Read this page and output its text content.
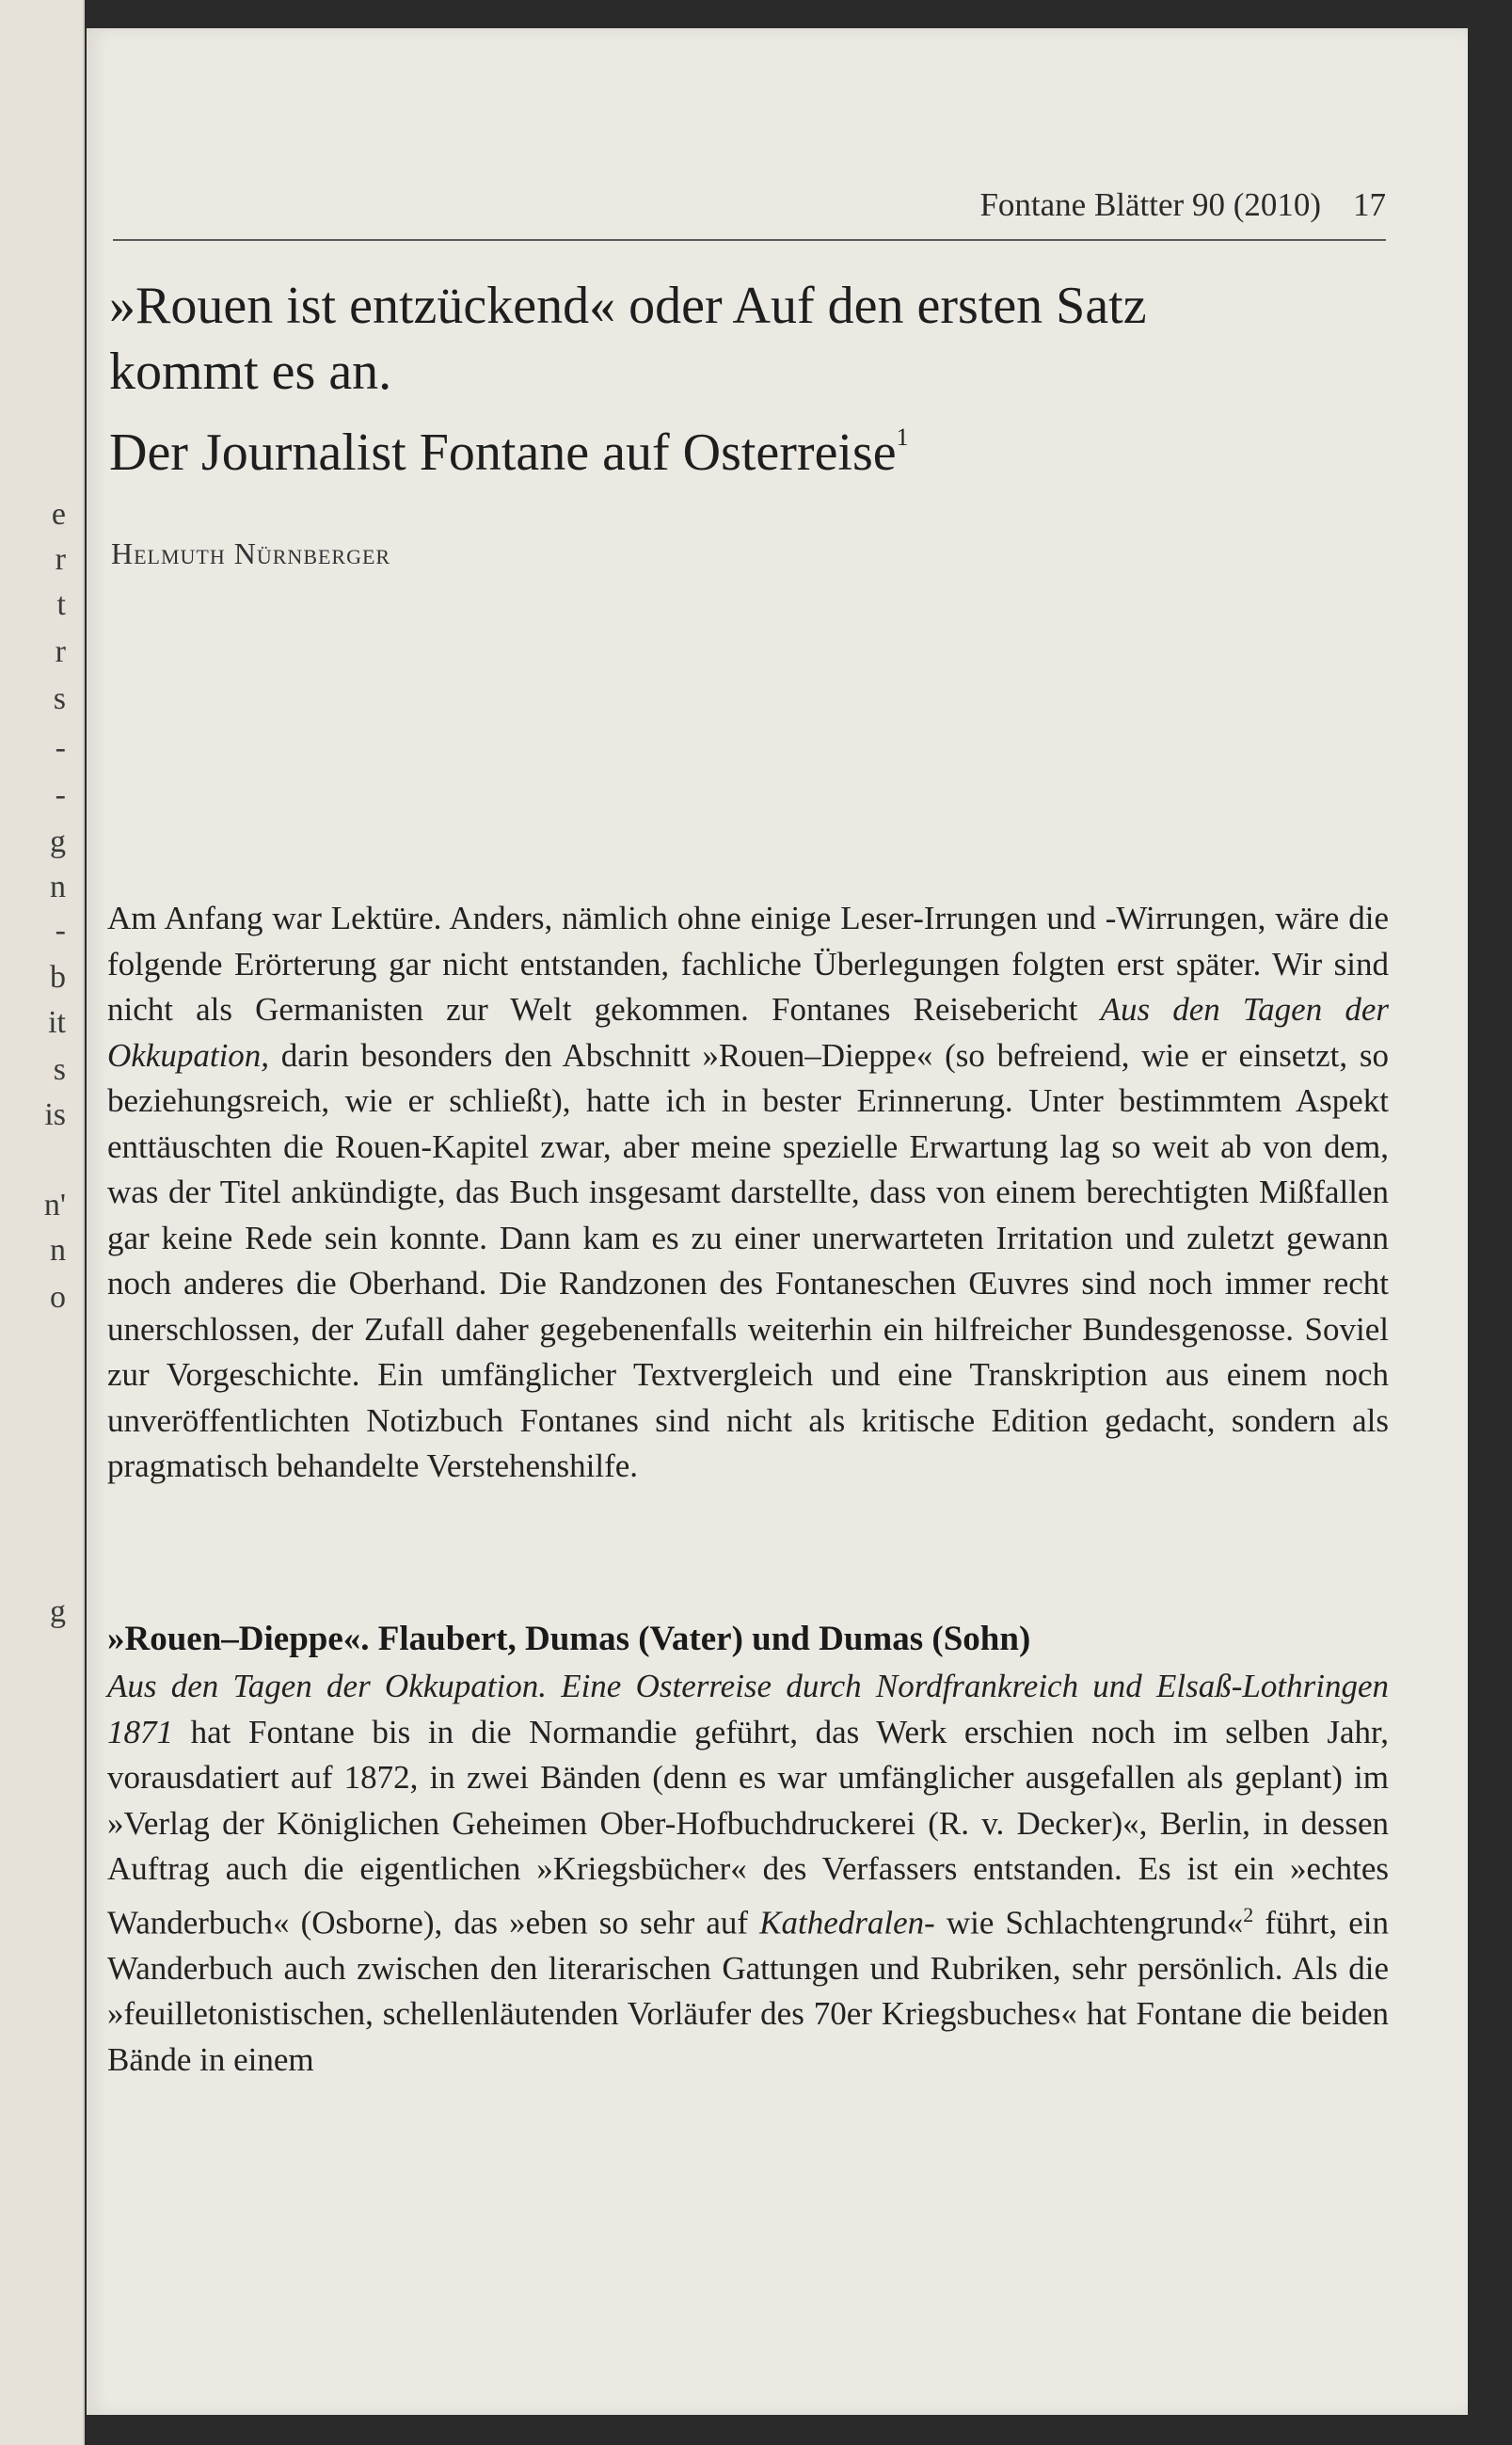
e
r
t
r
s
-
-
g
n
-
b
it
s
is
n'
n
o
g
Fontane Blätter 90 (2010) 17
»Rouen ist entzückend« oder Auf den ersten Satz
kommt es an.
Der Journalist Fontane auf Osterreise$^1$
Helmuth Nürnberger

Am Anfang war Lektüre. Anders, nämlich ohne einige Leser-Irrungen und -Wirrungen, wäre die folgende Erörterung gar nicht entstanden, fachliche Überlegungen folgten erst später. Wir sind nicht als Germanisten zur Welt gekommen. Fontanes Reisebericht Aus den Tagen der Okkupation, darin besonders den Abschnitt »Rouen–Dieppe« (so befreiend, wie er einsetzt, so beziehungsreich, wie er schließt), hatte ich in bester Erinnerung. Unter bestimmtem Aspekt enttäuschten die Rouen-Kapitel zwar, aber meine spezielle Erwartung lag so weit ab von dem, was der Titel ankündigte, das Buch insgesamt darstellte, dass von einem berechtigten Mißfallen gar keine Rede sein konnte. Dann kam es zu einer unerwarteten Irritation und zuletzt gewann noch anderes die Oberhand. Die Randzonen des Fontaneschen Œuvres sind noch immer recht unerschlossen, der Zufall daher gegebenenfalls weiterhin ein hilfreicher Bundesgenosse. Soviel zur Vorgeschichte. Ein umfänglicher Textvergleich und eine Transkription aus einem noch unveröffentlichten Notizbuch Fontanes sind nicht als kritische Edition gedacht, sondern als pragmatisch behandelte Verstehenshilfe.

»Rouen–Dieppe«. Flaubert, Dumas (Vater) und Dumas (Sohn)

Aus den Tagen der Okkupation. Eine Osterreise durch Nordfrankreich und Elsaß-Lothringen 1871 hat Fontane bis in die Normandie geführt, das Werk erschien noch im selben Jahr, vorausdatiert auf 1872, in zwei Bänden (denn es war umfänglicher ausgefallen als geplant) im »Verlag der Königlichen Geheimen Ober-Hofbuchdruckerei (R. v. Decker)«, Berlin, in dessen Auftrag auch die eigentlichen »Kriegsbücher« des Verfassers entstanden. Es ist ein »echtes Wanderbuch« (Osborne), das »eben so sehr auf Kathedralen- wie Schlachtengrund«$^2$ führt, ein Wanderbuch auch zwischen den literarischen Gattungen und Rubriken, sehr persönlich. Als die »feuilletonistischen, schellenläutenden Vorläufer des 70er Kriegsbuches« hat Fontane die beiden Bände in einem
